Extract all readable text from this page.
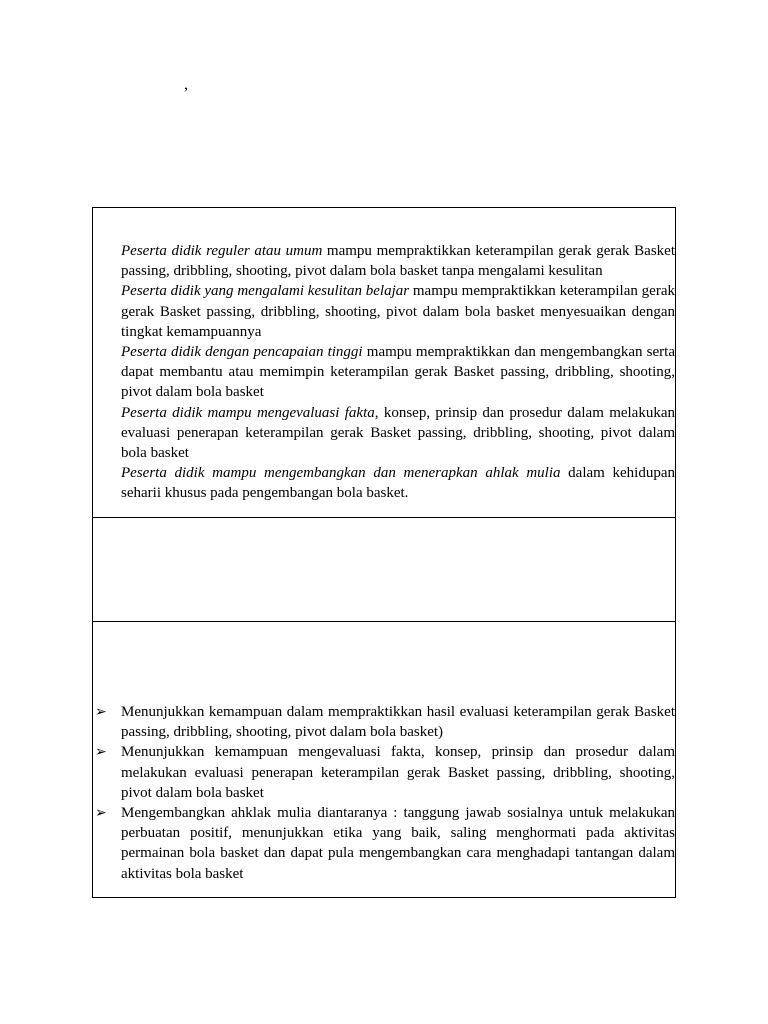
,

Peserta didik reguler atau umum mampu mempraktikkan keterampilan gerak gerak Basket passing, dribbling, shooting, pivot dalam bola basket tanpa mengalami kesulitan

Peserta didik yang mengalami kesulitan belajar mampu mempraktikkan keterampilan gerak gerak Basket passing, dribbling, shooting, pivot dalam bola basket menyesuaikan dengan tingkat kemampuannya

Peserta didik dengan pencapaian tinggi mampu mempraktikkan dan mengembangkan serta dapat membantu atau memimpin keterampilan gerak Basket passing, dribbling, shooting, pivot dalam bola basket

Peserta didik mampu mengevaluasi fakta, konsep, prinsip dan prosedur dalam melakukan evaluasi penerapan keterampilan gerak Basket passing, dribbling, shooting, pivot dalam bola basket

Peserta didik mampu mengembangkan dan menerapkan ahlak mulia dalam kehidupan seharii khusus pada pengembangan bola basket.

➢ Menunjukkan kemampuan dalam mempraktikkan hasil evaluasi keterampilan gerak Basket passing, dribbling, shooting, pivot dalam bola basket)

➢ Menunjukkan kemampuan mengevaluasi fakta, konsep, prinsip dan prosedur dalam melakukan evaluasi penerapan keterampilan gerak Basket passing, dribbling, shooting, pivot dalam bola basket

➢ Mengembangkan ahklak mulia diantaranya : tanggung jawab sosialnya untuk melakukan perbuatan positif, menunjukkan etika yang baik, saling menghormati pada aktivitas permainan bola basket dan dapat pula mengembangkan cara menghadapi tantangan dalam aktivitas bola basket
